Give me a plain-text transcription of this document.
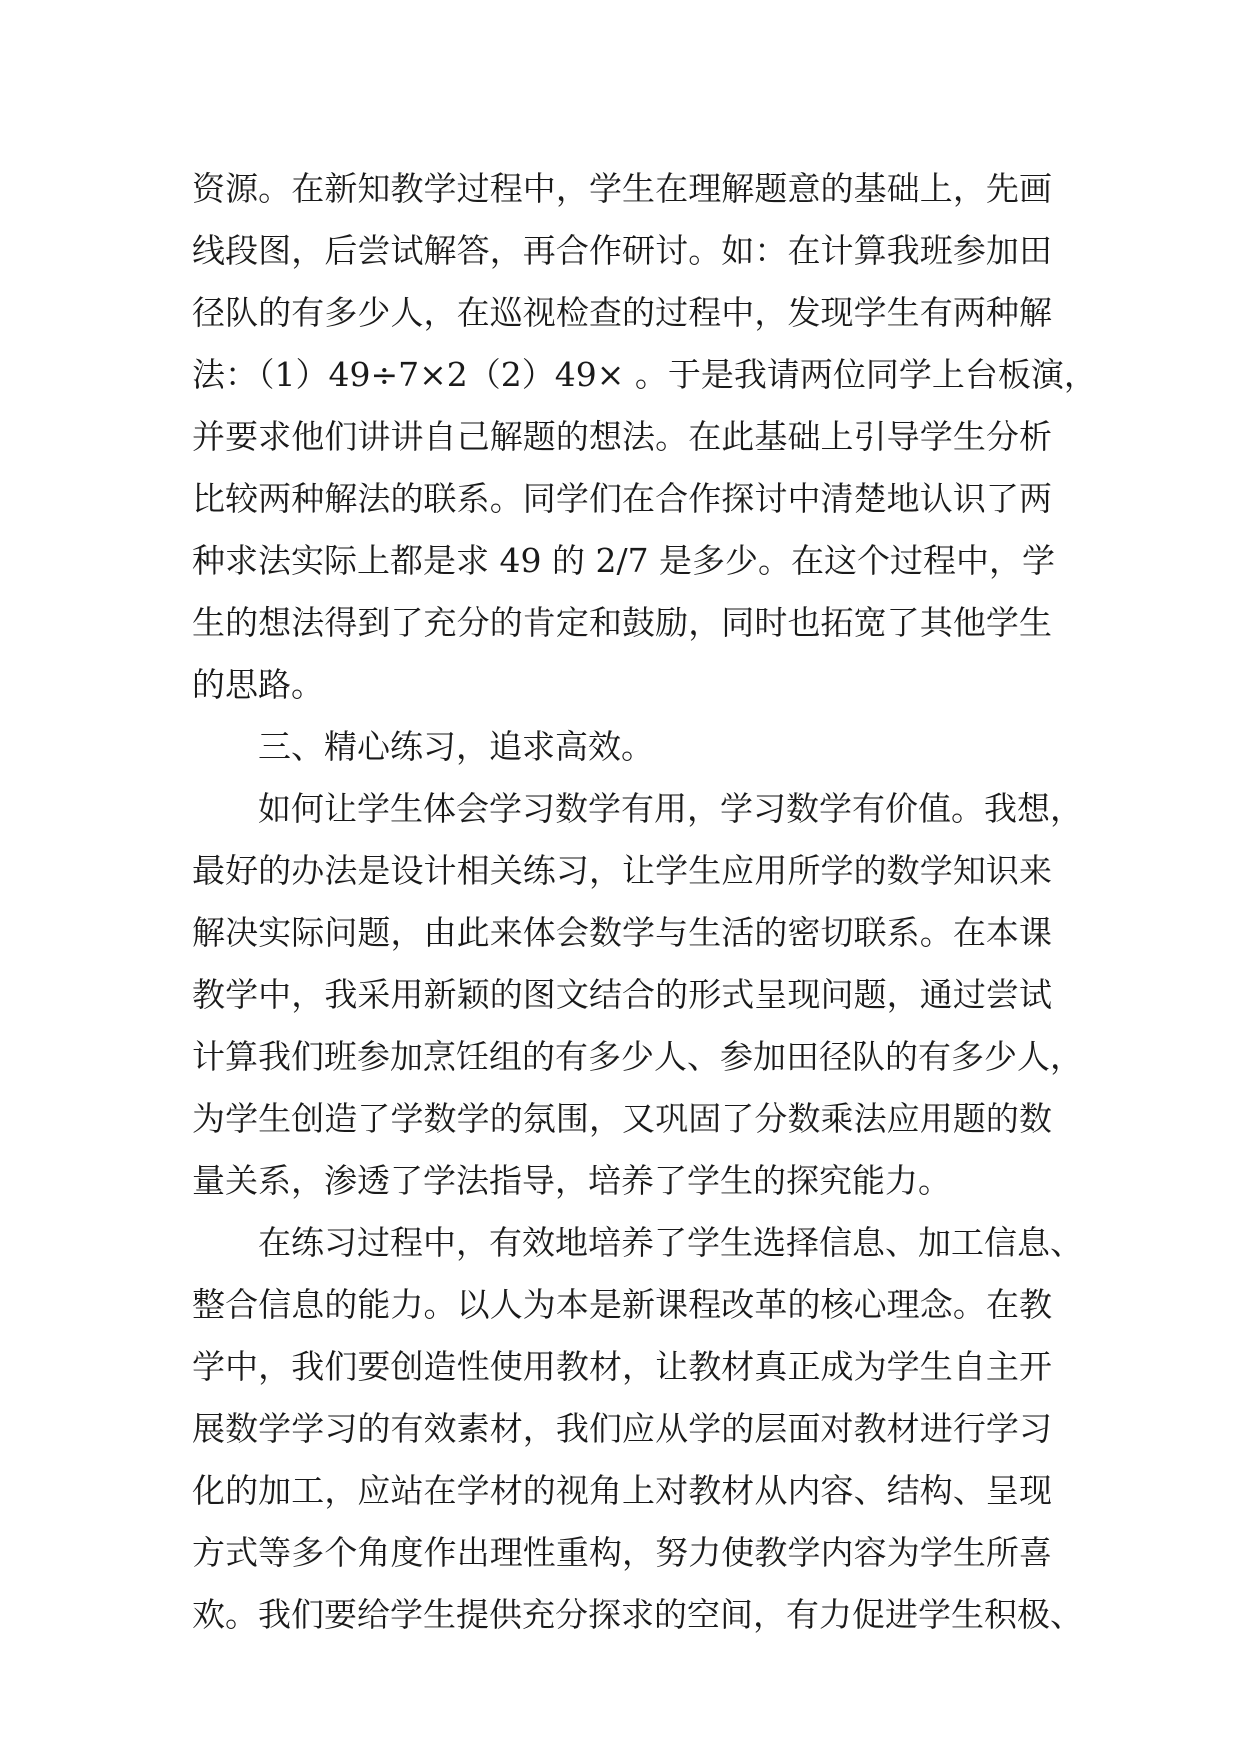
资源。在新知教学过程中，学生在理解题意的基础上，先画
线段图，后尝试解答，再合作研讨。如：在计算我班参加田
径队的有多少人，在巡视检查的过程中，发现学生有两种解
法：（1）49÷7×2（2）49× 。于是我请两位同学上台板演，
并要求他们讲讲自己解题的想法。在此基础上引导学生分析
比较两种解法的联系。同学们在合作探讨中清楚地认识了两
种求法实际上都是求 49 的 2/7 是多少。在这个过程中，学
生的想法得到了充分的肯定和鼓励，同时也拓宽了其他学生
的思路。
三、精心练习，追求高效。
如何让学生体会学习数学有用，学习数学有价值。我想，
最好的办法是设计相关练习，让学生应用所学的数学知识来
解决实际问题，由此来体会数学与生活的密切联系。在本课
教学中，我采用新颖的图文结合的形式呈现问题，通过尝试
计算我们班参加烹饪组的有多少人、参加田径队的有多少人，
为学生创造了学数学的氛围，又巩固了分数乘法应用题的数
量关系，渗透了学法指导，培养了学生的探究能力。
在练习过程中，有效地培养了学生选择信息、加工信息、
整合信息的能力。以人为本是新课程改革的核心理念。在教
学中，我们要创造性使用教材，让教材真正成为学生自主开
展数学学习的有效素材，我们应从学的层面对教材进行学习
化的加工，应站在学材的视角上对教材从内容、结构、呈现
方式等多个角度作出理性重构，努力使教学内容为学生所喜
欢。我们要给学生提供充分探求的空间，有力促进学生积极、
